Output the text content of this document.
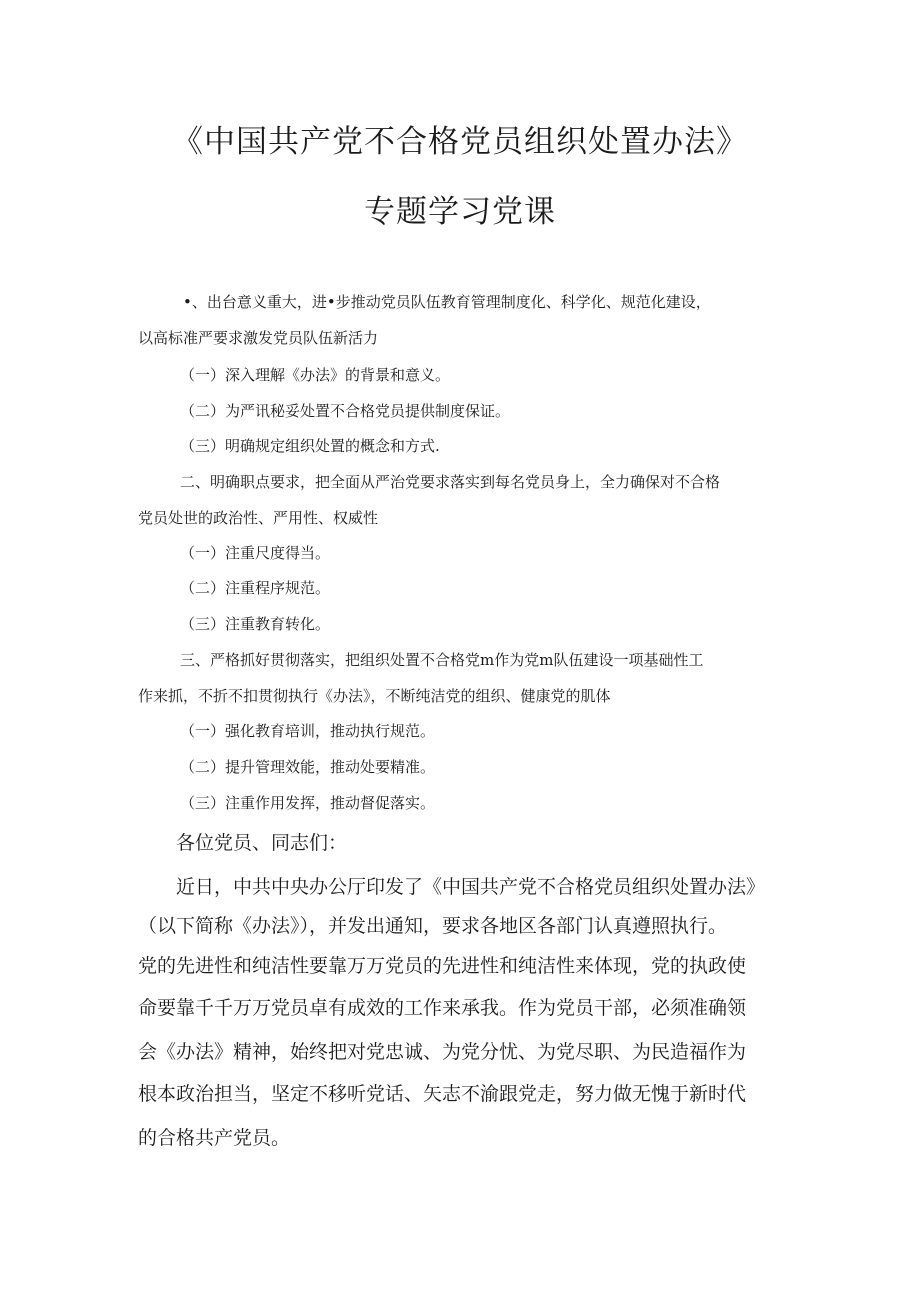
《中国共产党不合格党员组织处置办法》
专题学习党课
•、出台意义重大，进•步推动党员队伍教育管理制度化、科学化、规范化建设，
以高标准严要求激发党员队伍新活力
（一）深入理解《办法》的背景和意义。
（二）为严讯秘妥处置不合格党员提供制度保证。
（三）明确规定组织处置的概念和方式.
二、明确职点要求，把全面从严治党要求落实到每名党员身上，全力确保对不合格
党员处世的政治性、严用性、权威性
（一）注重尺度得当。
（二）注重程序规范。
（三）注重教育转化。
三、严格抓好贯彻落实，把组织处置不合格党m作为党m队伍建设一项基础性工
作来抓，不折不扣贯彻执行《办法》，不断纯洁党的组织、健康党的肌体
（一）强化教育培训，推动执行规范。
（二）提升管理效能，推动处要精准。
（三）注重作用发挥，推动督促落实。
各位党员、同志们：
近日，中共中央办公厅印发了《中国共产党不合格党员组织处置办法》
（以下简称《办法》），并发出通知，要求各地区各部门认真遵照执行。
党的先进性和纯洁性要靠万万党员的先进性和纯洁性来体现，党的执政使
命要靠千千万万党员卓有成效的工作来承我。作为党员干部，必须准确领
会《办法》精神，始终把对党忠诚、为党分忧、为党尽职、为民造福作为
根本政治担当，坚定不移听党话、矢志不渝跟党走，努力做无愧于新时代
的合格共产党员。
